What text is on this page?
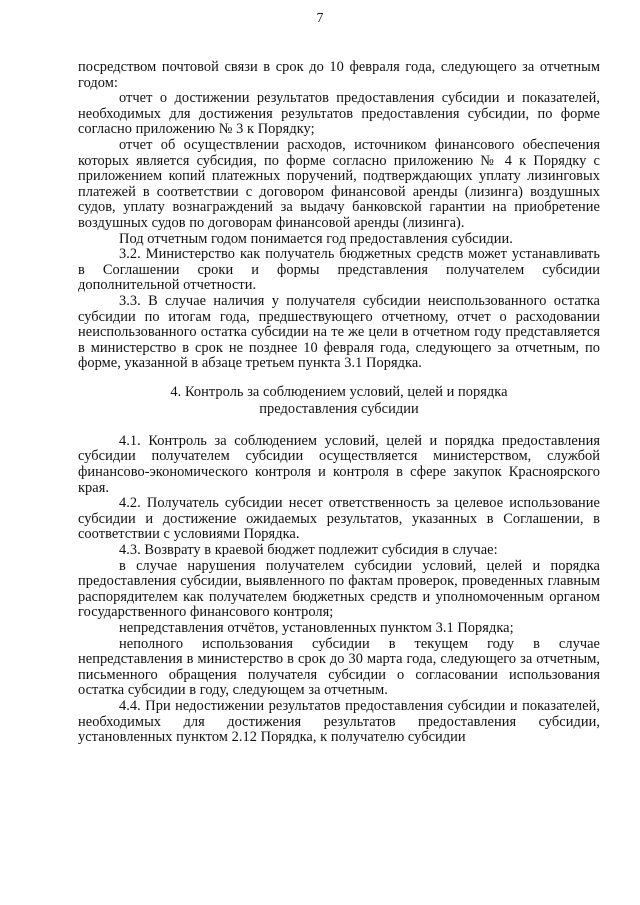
7

посредством почтовой связи в срок до 10 февраля года, следующего за отчетным годом:

отчет о достижении результатов предоставления субсидии и показателей, необходимых для достижения результатов предоставления субсидии, по форме согласно приложению № 3 к Порядку;

отчет об осуществлении расходов, источником финансового обеспечения которых является субсидия, по форме согласно приложению № 4 к Порядку с приложением копий платежных поручений, подтверждающих уплату лизинговых платежей в соответствии с договором финансовой аренды (лизинга) воздушных судов, уплату вознаграждений за выдачу банковской гарантии на приобретение воздушных судов по договорам финансовой аренды (лизинга).

Под отчетным годом понимается год предоставления субсидии.

3.2. Министерство как получатель бюджетных средств может устанавливать в Соглашении сроки и формы представления получателем субсидии дополнительной отчетности.

3.3. В случае наличия у получателя субсидии неиспользованного остатка субсидии по итогам года, предшествующего отчетному, отчет о расходовании неиспользованного остатка субсидии на те же цели в отчетном году представляется в министерство в срок не позднее 10 февраля года, следующего за отчетным, по форме, указанной в абзаце третьем пункта 3.1 Порядка.

4. Контроль за соблюдением условий, целей и порядка
предоставления субсидии

4.1. Контроль за соблюдением условий, целей и порядка предоставления субсидии получателем субсидии осуществляется министерством, службой финансово-экономического контроля и контроля в сфере закупок Красноярского края.

4.2. Получатель субсидии несет ответственность за целевое использование субсидии и достижение ожидаемых результатов, указанных в Соглашении, в соответствии с условиями Порядка.

4.3. Возврату в краевой бюджет подлежит субсидия в случае:

в случае нарушения получателем субсидии условий, целей и порядка предоставления субсидии, выявленного по фактам проверок, проведенных главным распорядителем как получателем бюджетных средств и уполномоченным органом государственного финансового контроля;

непредставления отчётов, установленных пунктом 3.1 Порядка;

неполного использования субсидии в текущем году в случае непредставления в министерство в срок до 30 марта года, следующего за отчетным, письменного обращения получателя субсидии о согласовании использования остатка субсидии в году, следующем за отчетным.

4.4. При недостижении результатов предоставления субсидии и показателей, необходимых для достижения результатов предоставления субсидии, установленных пунктом 2.12 Порядка, к получателю субсидии
